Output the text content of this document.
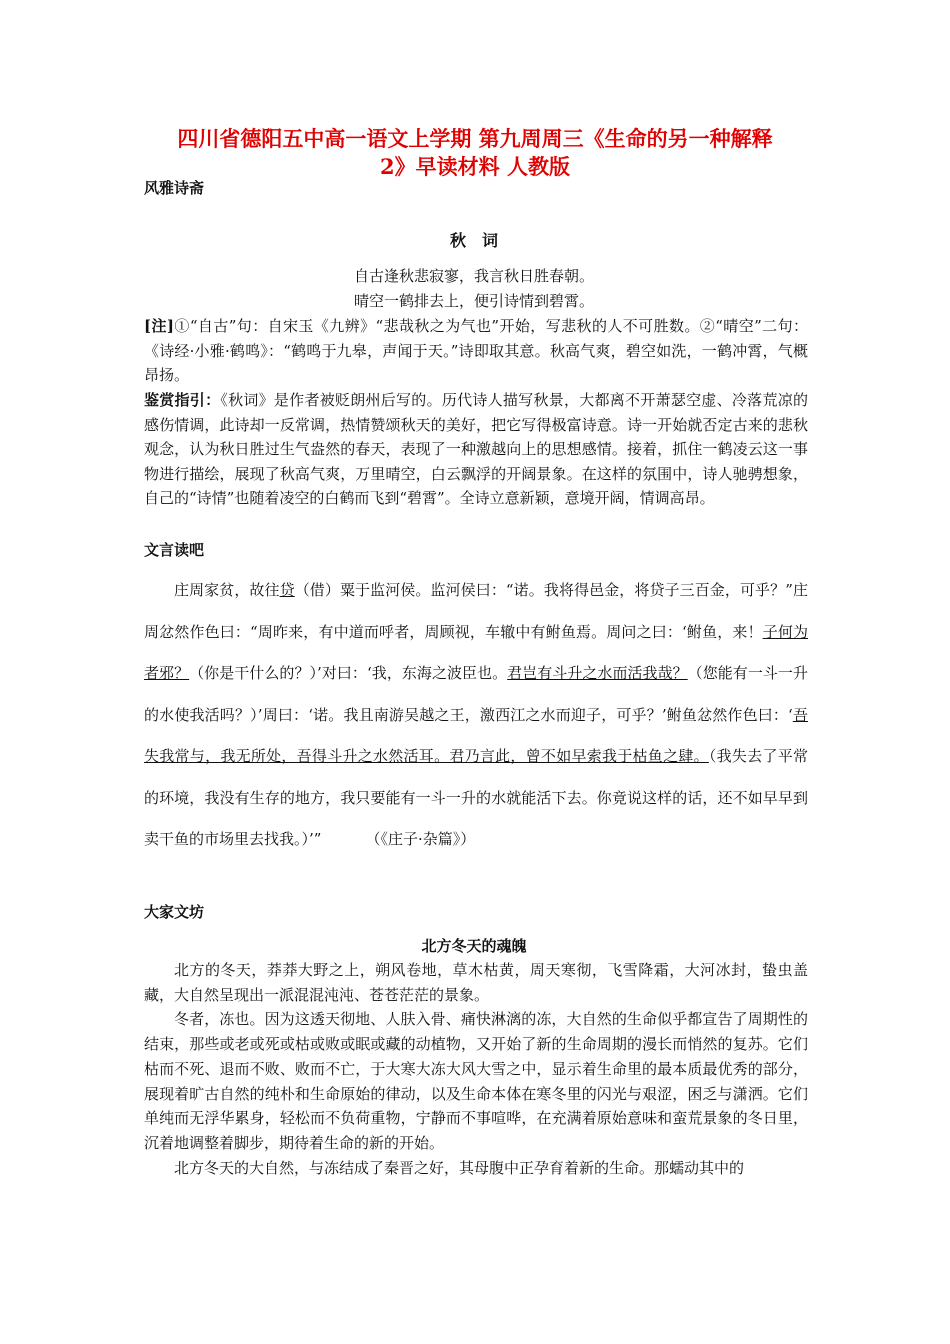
四川省德阳五中高一语文上学期 第九周周三《生命的另一种解释
2》早读材料 人教版
风雅诗斋
秋　词
自古逢秋悲寂寥，我言秋日胜春朝。
晴空一鹤排去上，便引诗情到碧霄。
[注]①“自古”句：自宋玉《九辨》“悲哉秋之为气也”开始，写悲秋的人不可胜数。②“晴空”二句：《诗经·小雅·鹤鸣》：“鹤鸣于九皋，声闻于天。”诗即取其意。秋高气爽，碧空如洗，一鹤冲霄，气概昂扬。
鉴赏指引：《秋词》是作者被贬朗州后写的。历代诗人描写秋景，大都离不开萧瑟空虚、冷落荒凉的感伤情调，此诗却一反常调，热情赞颂秋天的美好，把它写得极富诗意。诗一开始就否定古来的悲秋观念，认为秋日胜过生气盎然的春天，表现了一种激越向上的思想感情。接着，抓住一鹤凌云这一事物进行描绘，展现了秋高气爽，万里晴空，白云飘浮的开阔景象。在这样的氛围中，诗人驰骋想象，自己的“诗情”也随着凌空的白鹤而飞到“碧霄”。全诗立意新颖，意境开阔，情调高昂。
文言读吧
庄周家贫，故往贷（借）粟于监河侯。监河侯曰：“诺。我将得邑金，将贷子三百金，可乎？”庄周忿然作色曰：“周昨来，有中道而呼者，周顾视，车辙中有鲋鱼焉。周问之曰：‘鲋鱼，来！子何为者邪？（你是干什么的？）’对曰：‘我，东海之波臣也。君岂有斗升之水而活我哉？（您能有一斗一升的水使我活吗？）’周曰：‘诺。我且南游吴越之王，激西江之水而迎子，可乎？’鲋鱼忿然作色曰：‘吾失我常与，我无所处，吾得斗升之水然活耳。君乃言此，曾不如早索我于枯鱼之肆。（我失去了平常的环境，我没有生存的地方，我只要能有一斗一升的水就能活下去。你竟说这样的话，还不如早早到卖干鱼的市场里去找我。）’”	（《庄子·杂篇》）
大家文坊
北方冬天的魂魄

北方的冬天，莽莽大野之上，朔风卷地，草木枯黄，周天寒彻，飞雪降霜，大河冰封，蛰虫盖藏，大自然呈现出一派混混沌沌、苍苍茫茫的景象。

冬者，冻也。因为这透天彻地、人肤入骨、痛快淋漓的冻，大自然的生命似乎都宣告了周期性的结束，那些或老或死或枯或败或眠或藏的动植物，又开始了新的生命周期的漫长而悄然的复苏。它们枯而不死、退而不败、败而不亡，于大寒大冻大风大雪之中，显示着生命里的最本质最优秀的部分，展现着旷古自然的纯朴和生命原始的律动，以及生命本体在寒冬里的闪光与艰涩，困乏与潇洒。它们单纯而无浮华累身，轻松而不负荷重物，宁静而不事喧哗，在充满着原始意味和蛮荒景象的冬日里，沉着地调整着脚步，期待着生命的新的开始。

北方冬天的大自然，与冻结成了秦晋之好，其母腹中正孕育着新的生命。那蠕动其中的
